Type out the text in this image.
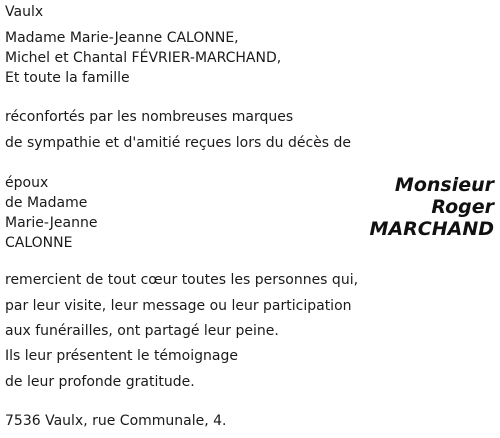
Vaulx
Madame Marie-Jeanne CALONNE,
Michel et Chantal FÉVRIER-MARCHAND,
Et toute la famille
réconfortés par les nombreuses marques
de sympathie et d'amitié reçues lors du décès de
époux
de Madame
Marie-Jeanne
CALONNE
Monsieur
Roger
MARCHAND
remercient de tout cœur toutes les personnes qui,
par leur visite, leur message ou leur participation
aux funérailles, ont partagé leur peine.
Ils leur présentent le témoignage
de leur profonde gratitude.
7536 Vaulx, rue Communale, 4.
